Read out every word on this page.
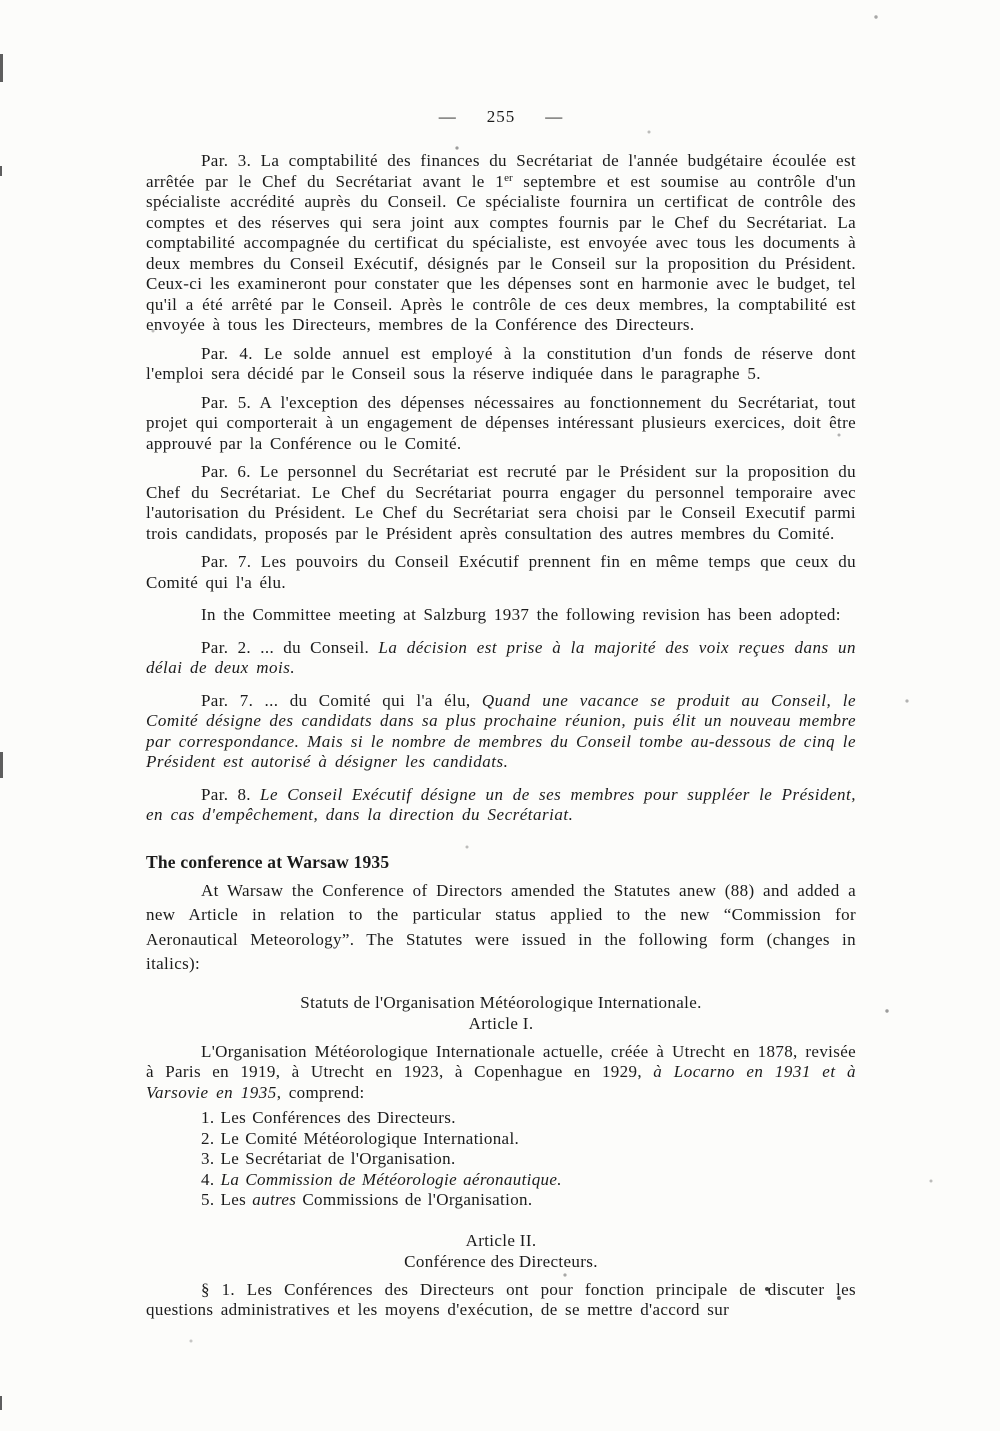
— 255 —

Par. 3. La comptabilité des finances du Secrétariat de l'année budgétaire écoulée est arrêtée par le Chef du Secrétariat avant le 1er septembre et est soumise au contrôle d'un spécialiste accrédité auprès du Conseil. Ce spécialiste fournira un certificat de contrôle des comptes et des réserves qui sera joint aux comptes fournis par le Chef du Secrétariat. La comptabilité accompagnée du certificat du spécialiste, est envoyée avec tous les documents à deux membres du Conseil Exécutif, désignés par le Conseil sur la proposition du Président. Ceux-ci les examineront pour constater que les dépenses sont en harmonie avec le budget, tel qu'il a été arrêté par le Conseil. Après le contrôle de ces deux membres, la comptabilité est envoyée à tous les Directeurs, membres de la Conférence des Directeurs.

Par. 4. Le solde annuel est employé à la constitution d'un fonds de réserve dont l'emploi sera décidé par le Conseil sous la réserve indiquée dans le paragraphe 5.

Par. 5. A l'exception des dépenses nécessaires au fonctionnement du Secrétariat, tout projet qui comporterait à un engagement de dépenses intéressant plusieurs exercices, doit être approuvé par la Conférence ou le Comité.

Par. 6. Le personnel du Secrétariat est recruté par le Président sur la proposition du Chef du Secrétariat. Le Chef du Secrétariat pourra engager du personnel temporaire avec l'autorisation du Président. Le Chef du Secrétariat sera choisi par le Conseil Executif parmi trois candidats, proposés par le Président après consultation des autres membres du Comité.

Par. 7. Les pouvoirs du Conseil Exécutif prennent fin en même temps que ceux du Comité qui l'a élu.

In the Committee meeting at Salzburg 1937 the following revision has been adopted:

Par. 2. ... du Conseil. La décision est prise à la majorité des voix reçues dans un délai de deux mois.

Par. 7. ... du Comité qui l'a élu, Quand une vacance se produit au Conseil, le Comité désigne des candidats dans sa plus prochaine réunion, puis élit un nouveau membre par correspondance. Mais si le nombre de membres du Conseil tombe au-dessous de cinq le Président est autorisé à désigner les candidats.

Par. 8. Le Conseil Exécutif désigne un de ses membres pour suppléer le Président, en cas d'empêchement, dans la direction du Secrétariat.

The conference at Warsaw 1935

At Warsaw the Conference of Directors amended the Statutes anew (88) and added a new Article in relation to the particular status applied to the new “Commission for Aeronautical Meteorology”. The Statutes were issued in the following form (changes in italics):

Statuts de l'Organisation Météorologique Internationale.

Article I.

L'Organisation Météorologique Internationale actuelle, créée à Utrecht en 1878, revisée à Paris en 1919, à Utrecht en 1923, à Copenhague en 1929, à Locarno en 1931 et à Varsovie en 1935, comprend:

1. Les Conférences des Directeurs.

2. Le Comité Météorologique International.

3. Le Secrétariat de l'Organisation.

4. La Commission de Météorologie aéronautique.

5. Les autres Commissions de l'Organisation.

Article II.

Conférence des Directeurs.

§ 1. Les Conférences des Directeurs ont pour fonction principale de discuter les questions administratives et les moyens d'exécution, de se mettre d'accord sur
